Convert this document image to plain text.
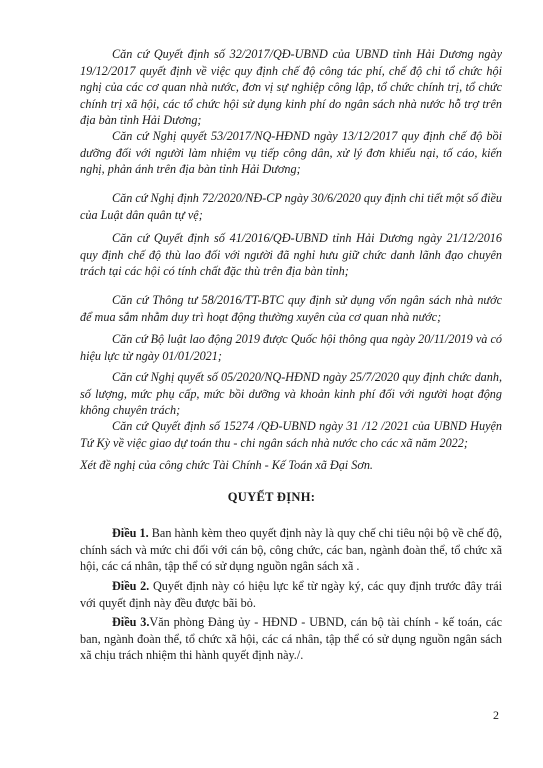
Căn cứ Quyết định số 32/2017/QĐ-UBND của UBND tỉnh Hải Dương ngày 19/12/2017 quyết định về việc quy định chế độ công tác phí, chế độ chi tổ chức hội nghị của các cơ quan nhà nước, đơn vị sự nghiệp công lập, tổ chức chính trị, tổ chức chính trị xã hội, các tổ chức hội sử dụng kinh phí do ngân sách nhà nước hỗ trợ trên địa bàn tỉnh Hải Dương;

Căn cứ Nghị quyết 53/2017/NQ-HĐND ngày 13/12/2017 quy định chế độ bồi dưỡng đối với người làm nhiệm vụ tiếp công dân, xử lý đơn khiếu nại, tố cáo, kiến nghị, phản ánh trên địa bàn tỉnh Hải Dương;

Căn cứ Nghị định 72/2020/NĐ-CP ngày 30/6/2020 quy định chi tiết một số điều của Luật dân quân tự vệ;

Căn cứ Quyết định số 41/2016/QĐ-UBND tỉnh Hải Dương ngày 21/12/2016 quy định chế độ thù lao đối với người đã nghỉ hưu giữ chức danh lãnh đạo chuyên trách tại các hội có tính chất đặc thù trên địa bàn tỉnh;

Căn cứ Thông tư 58/2016/TT-BTC quy định sử dụng vốn ngân sách nhà nước để mua sắm nhằm duy trì hoạt động thường xuyên của cơ quan nhà nước;

Căn cứ Bộ luật lao động 2019 được Quốc hội thông qua ngày 20/11/2019 và có hiệu lực từ ngày 01/01/2021;

Căn cứ Nghị quyết số 05/2020/NQ-HĐND ngày 25/7/2020 quy định chức danh, số lượng, mức phụ cấp, mức bồi dưỡng và khoản kinh phí đối với người hoạt động không chuyên trách;

Căn cứ Quyết định số 15274 /QĐ-UBND ngày 31 /12 /2021 của UBND Huyện Tứ Kỳ về việc giao dự toán thu - chi ngân sách nhà nước cho các xã năm 2022;

Xét đề nghị của công chức Tài Chính - Kế Toán xã Đại Sơn.

QUYẾT ĐỊNH:

Điều 1. Ban hành kèm theo quyết định này là quy chế chi tiêu nội bộ về chế độ, chính sách và mức chi đối với cán bộ, công chức, các ban, ngành đoàn thể, tổ chức xã hội, các cá nhân, tập thể có sử dụng nguồn ngân sách xã .

Điều 2. Quyết định này có hiệu lực kể từ ngày ký, các quy định trước đây trái với quyết định này đều được bãi bỏ.

Điều 3.Văn phòng Đảng ủy - HĐND - UBND, cán bộ tài chính - kế toán, các ban, ngành đoàn thể, tổ chức xã hội, các cá nhân, tập thể có sử dụng nguồn ngân sách xã chịu trách nhiệm thi hành quyết định này./.

2
